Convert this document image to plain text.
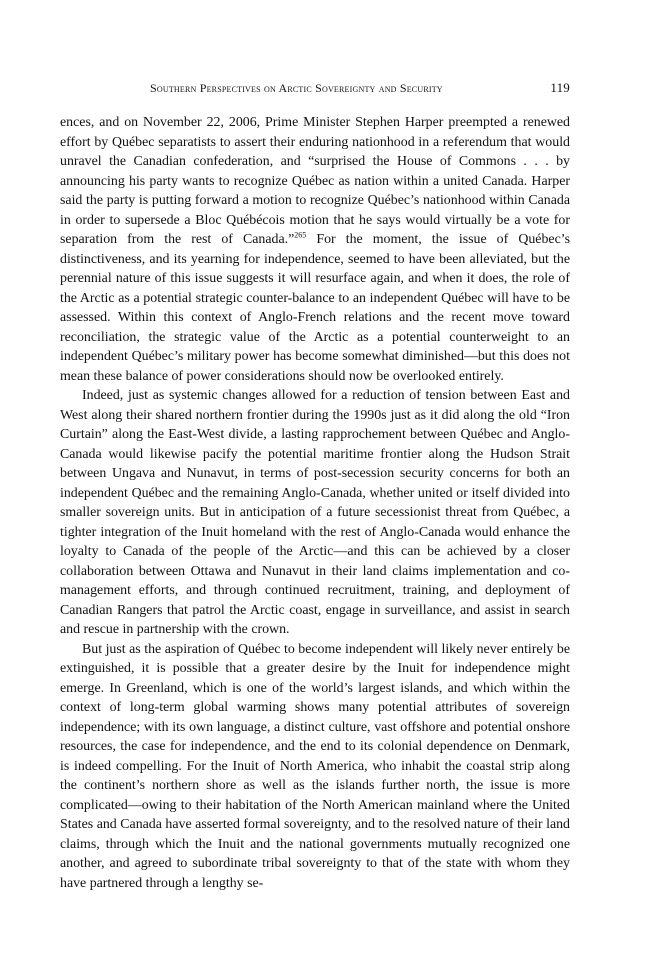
Southern Perspectives on Arctic Sovereignty and Security	119

ences, and on November 22, 2006, Prime Minister Stephen Harper preempted a renewed effort by Québec separatists to assert their enduring nationhood in a referendum that would unravel the Canadian confederation, and “surprised the House of Commons . . . by announcing his party wants to recognize Québec as nation within a united Canada. Harper said the party is putting forward a motion to recognize Québec’s nationhood within Canada in order to supersede a Bloc Québécois motion that he says would virtually be a vote for separation from the rest of Canada.”$^{265}$ For the moment, the issue of Québec’s distinctiveness, and its yearning for independence, seemed to have been alleviated, but the perennial nature of this issue suggests it will resurface again, and when it does, the role of the Arctic as a potential strategic counter-balance to an independent Québec will have to be assessed. Within this context of Anglo-French relations and the recent move toward reconciliation, the strategic value of the Arctic as a potential counterweight to an independent Québec’s military power has become somewhat diminished—but this does not mean these balance of power considerations should now be overlooked entirely.

Indeed, just as systemic changes allowed for a reduction of tension between East and West along their shared northern frontier during the 1990s just as it did along the old “Iron Curtain” along the East-West divide, a lasting rapprochement between Québec and Anglo-Canada would likewise pacify the potential maritime frontier along the Hudson Strait between Ungava and Nunavut, in terms of post-secession security concerns for both an independent Québec and the remaining Anglo-Canada, whether united or itself divided into smaller sovereign units. But in anticipation of a future secessionist threat from Québec, a tighter integration of the Inuit homeland with the rest of Anglo-Canada would enhance the loyalty to Canada of the people of the Arctic—and this can be achieved by a closer collaboration between Ottawa and Nunavut in their land claims implementation and co-management efforts, and through continued recruitment, training, and deployment of Canadian Rangers that patrol the Arctic coast, engage in surveillance, and assist in search and rescue in partnership with the crown.

But just as the aspiration of Québec to become independent will likely never entirely be extinguished, it is possible that a greater desire by the Inuit for independence might emerge. In Greenland, which is one of the world’s largest islands, and which within the context of long-term global warming shows many potential attributes of sovereign independence; with its own language, a distinct culture, vast offshore and potential onshore resources, the case for independence, and the end to its colonial dependence on Denmark, is indeed compelling. For the Inuit of North America, who inhabit the coastal strip along the continent’s northern shore as well as the islands further north, the issue is more complicated—owing to their habitation of the North American mainland where the United States and Canada have asserted formal sovereignty, and to the resolved nature of their land claims, through which the Inuit and the national governments mutually recognized one another, and agreed to subordinate tribal sovereignty to that of the state with whom they have partnered through a lengthy se-
